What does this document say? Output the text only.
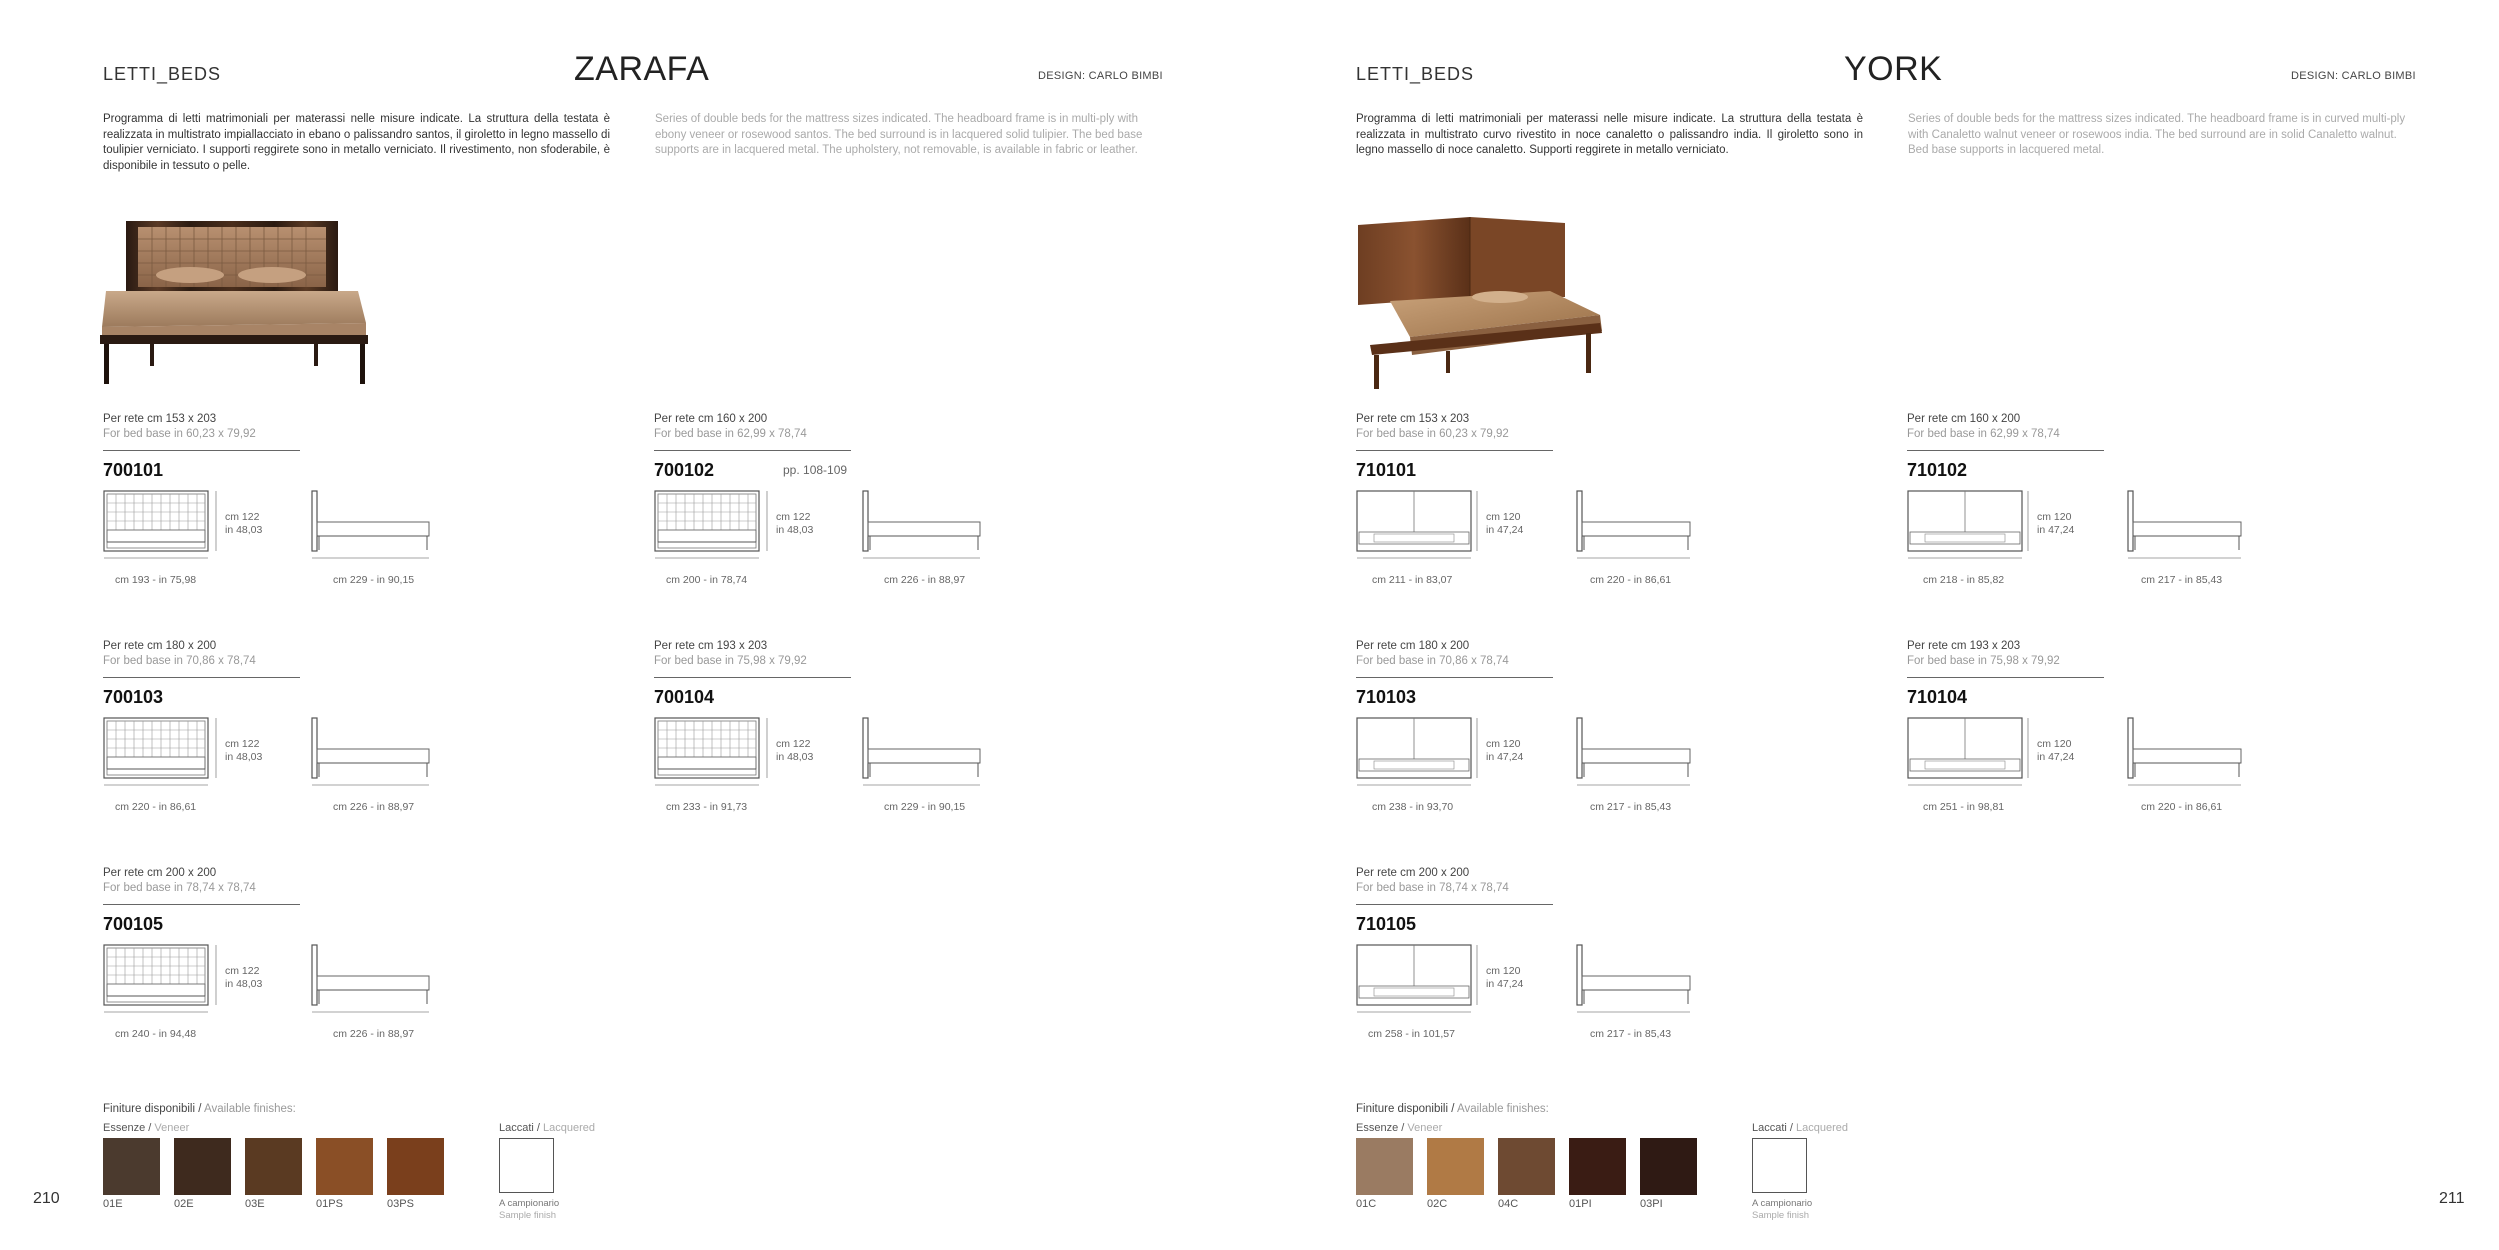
LETTI_BEDS	ZARAFA	DESIGN: CARLO BIMBI
Programma di letti matrimoniali per materassi nelle misure indicate. La struttura della testata è realizzata in multistrato impiallacciato in ebano o palissandro santos, il giroletto in legno massello di toulipier verniciato. I supporti reggirete sono in metallo verniciato. Il rivestimento, non sfoderabile, è disponibile in tessuto o pelle.
Series of double beds for the mattress sizes indicated. The headboard frame is in multi-ply with ebony veneer or rosewood santos. The bed surround is in lacquered solid tulipier. The bed base supports are in lacquered metal. The upholstery, not removable, is available in fabric or leather.
Per rete cm 153 x 203
For bed base in 60,23 x 79,92
700101
cm 122
in 48,03
cm 193 - in 75,98	cm 229 - in 90,15
Per rete cm 160 x 200
For bed base in 62,99 x 78,74
700102	pp. 108-109
cm 122
in 48,03
cm 200 - in 78,74	cm 226 - in 88,97
Per rete cm 180 x 200
For bed base in 70,86 x 78,74
700103
cm 122
in 48,03
cm 220 - in 86,61	cm 226 - in 88,97
Per rete cm 193 x 203
For bed base in 75,98 x 79,92
700104
cm 122
in 48,03
cm 233 - in 91,73	cm 229 - in 90,15
Per rete cm 200 x 200
For bed base in 78,74 x 78,74
700105
cm 122
in 48,03
cm 240 - in 94,48	cm 226 - in 88,97
Finiture disponibili / Available finishes:
Essenze / Veneer	Laccati / Lacquered
01E	02E	03E	01PS	03PS	A campionario
Sample finish
210
LETTI_BEDS	YORK	DESIGN: CARLO BIMBI
Programma di letti matrimoniali per materassi nelle misure indicate. La struttura della testata è realizzata in multistrato curvo rivestito in noce canaletto o palissandro india. Il giroletto sono in legno massello di noce canaletto. Supporti reggirete in metallo verniciato.
Series of double beds for the mattress sizes indicated. The headboard frame is in curved multi-ply with Canaletto walnut veneer or rosewoos india. The bed surround are in solid Canaletto walnut. Bed base supports in lacquered metal.
Per rete cm 153 x 203
For bed base in 60,23 x 79,92
710101
cm 120
in 47,24
cm 211 - in 83,07	cm 220 - in 86,61
Per rete cm 160 x 200
For bed base in 62,99 x 78,74
710102
cm 120
in 47,24
cm 218 - in 85,82	cm 217 - in 85,43
Per rete cm 180 x 200
For bed base in 70,86 x 78,74
710103
cm 120
in 47,24
cm 238 - in 93,70	cm 217 - in 85,43
Per rete cm 193 x 203
For bed base in 75,98 x 79,92
710104
cm 120
in 47,24
cm 251 - in 98,81	cm 220 - in 86,61
Per rete cm 200 x 200
For bed base in 78,74 x 78,74
710105
cm 120
in 47,24
cm 258 - in 101,57	cm 217 - in 85,43
Finiture disponibili / Available finishes:
Essenze / Veneer	Laccati / Lacquered
01C	02C	04C	01PI	03PI	A campionario
Sample finish
211
